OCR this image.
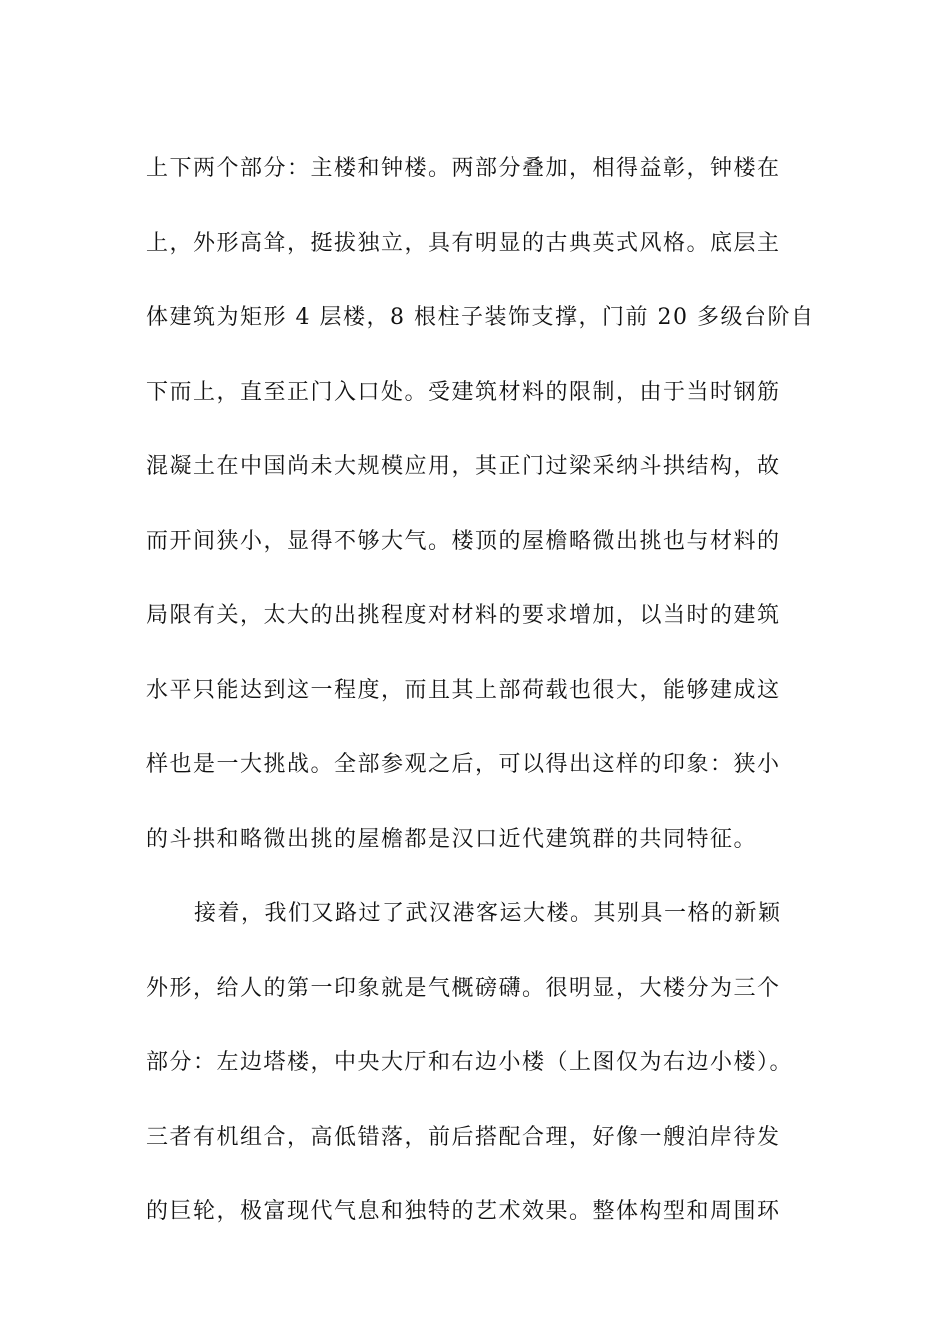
上下两个部分：主楼和钟楼。两部分叠加，相得益彰，钟楼在
上，外形高耸，挺拔独立，具有明显的古典英式风格。底层主
体建筑为矩形 4 层楼，8 根柱子装饰支撑，门前 20 多级台阶自
下而上，直至正门入口处。受建筑材料的限制，由于当时钢筋
混凝土在中国尚未大规模应用，其正门过梁采纳斗拱结构，故
而开间狭小，显得不够大气。楼顶的屋檐略微出挑也与材料的
局限有关，太大的出挑程度对材料的要求增加，以当时的建筑
水平只能达到这一程度，而且其上部荷载也很大，能够建成这
样也是一大挑战。全部参观之后，可以得出这样的印象：狭小
的斗拱和略微出挑的屋檐都是汉口近代建筑群的共同特征。
接着，我们又路过了武汉港客运大楼。其别具一格的新颖
外形，给人的第一印象就是气概磅礴。很明显，大楼分为三个
部分：左边塔楼，中央大厅和右边小楼（上图仅为右边小楼）。
三者有机组合，高低错落，前后搭配合理，好像一艘泊岸待发
的巨轮，极富现代气息和独特的艺术效果。整体构型和周围环
